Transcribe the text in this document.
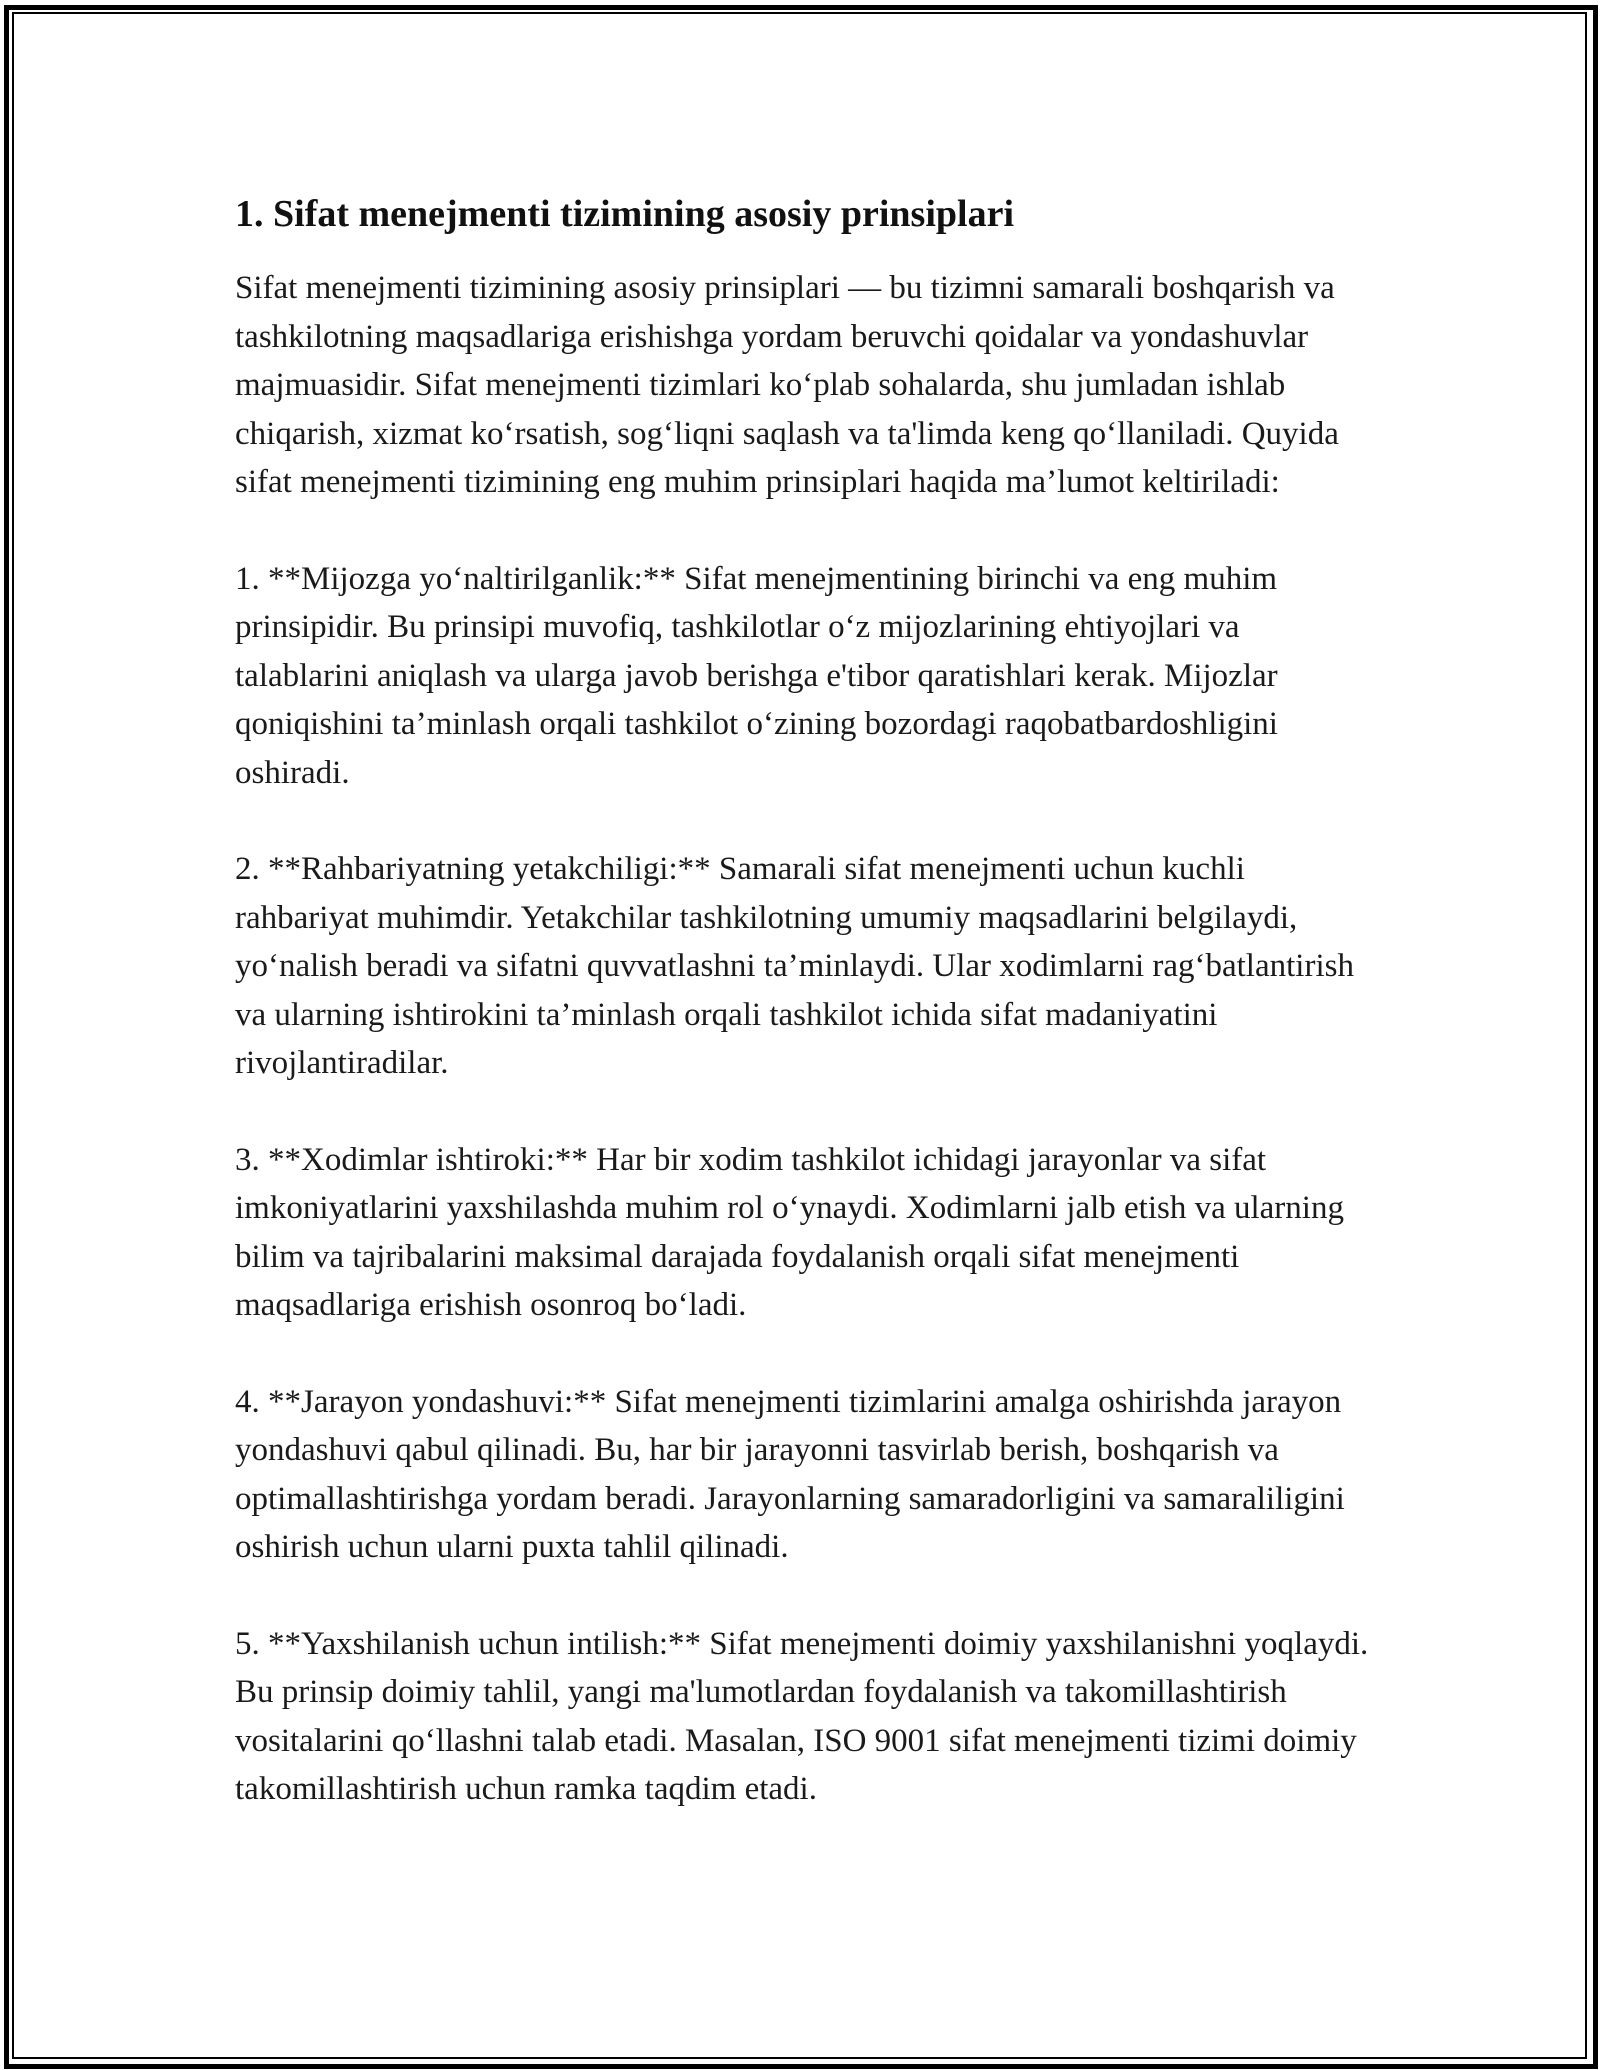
1. Sifat menejmenti tizimining asosiy prinsiplari

Sifat menejmenti tizimining asosiy prinsiplari — bu tizimni samarali boshqarish va tashkilotning maqsadlariga erishishga yordam beruvchi qoidalar va yondashuvlar majmuasidir. Sifat menejmenti tizimlari ko‘plab sohalarda, shu jumladan ishlab chiqarish, xizmat ko‘rsatish, sog‘liqni saqlash va ta'limda keng qo‘llaniladi. Quyida sifat menejmenti tizimining eng muhim prinsiplari haqida ma’lumot keltiriladi:

1. **Mijozga yo‘naltirilganlik:** Sifat menejmentining birinchi va eng muhim prinsipidir. Bu prinsipi muvofiq, tashkilotlar o‘z mijozlarining ehtiyojlari va talablarini aniqlash va ularga javob berishga e'tibor qaratishlari kerak. Mijozlar qoniqishini ta’minlash orqali tashkilot o‘zining bozordagi raqobatbardoshligini oshiradi.

2. **Rahbariyatning yetakchiligi:** Samarali sifat menejmenti uchun kuchli rahbariyat muhimdir. Yetakchilar tashkilotning umumiy maqsadlarini belgilaydi, yo‘nalish beradi va sifatni quvvatlashni ta’minlaydi. Ular xodimlarni rag‘batlantirish va ularning ishtirokini ta’minlash orqali tashkilot ichida sifat madaniyatini rivojlantiradilar.

3. **Xodimlar ishtiroki:** Har bir xodim tashkilot ichidagi jarayonlar va sifat imkoniyatlarini yaxshilashda muhim rol o‘ynaydi. Xodimlarni jalb etish va ularning bilim va tajribalarini maksimal darajada foydalanish orqali sifat menejmenti maqsadlariga erishish osonroq bo‘ladi.

4. **Jarayon yondashuvi:** Sifat menejmenti tizimlarini amalga oshirishda jarayon yondashuvi qabul qilinadi. Bu, har bir jarayonni tasvirlab berish, boshqarish va optimallashtirishga yordam beradi. Jarayonlarning samaradorligini va samaraliligini oshirish uchun ularni puxta tahlil qilinadi.

5. **Yaxshilanish uchun intilish:** Sifat menejmenti doimiy yaxshilanishni yoqlaydi. Bu prinsip doimiy tahlil, yangi ma'lumotlardan foydalanish va takomillashtirish vositalarini qo‘llashni talab etadi. Masalan, ISO 9001 sifat menejmenti tizimi doimiy takomillashtirish uchun ramka taqdim etadi.
